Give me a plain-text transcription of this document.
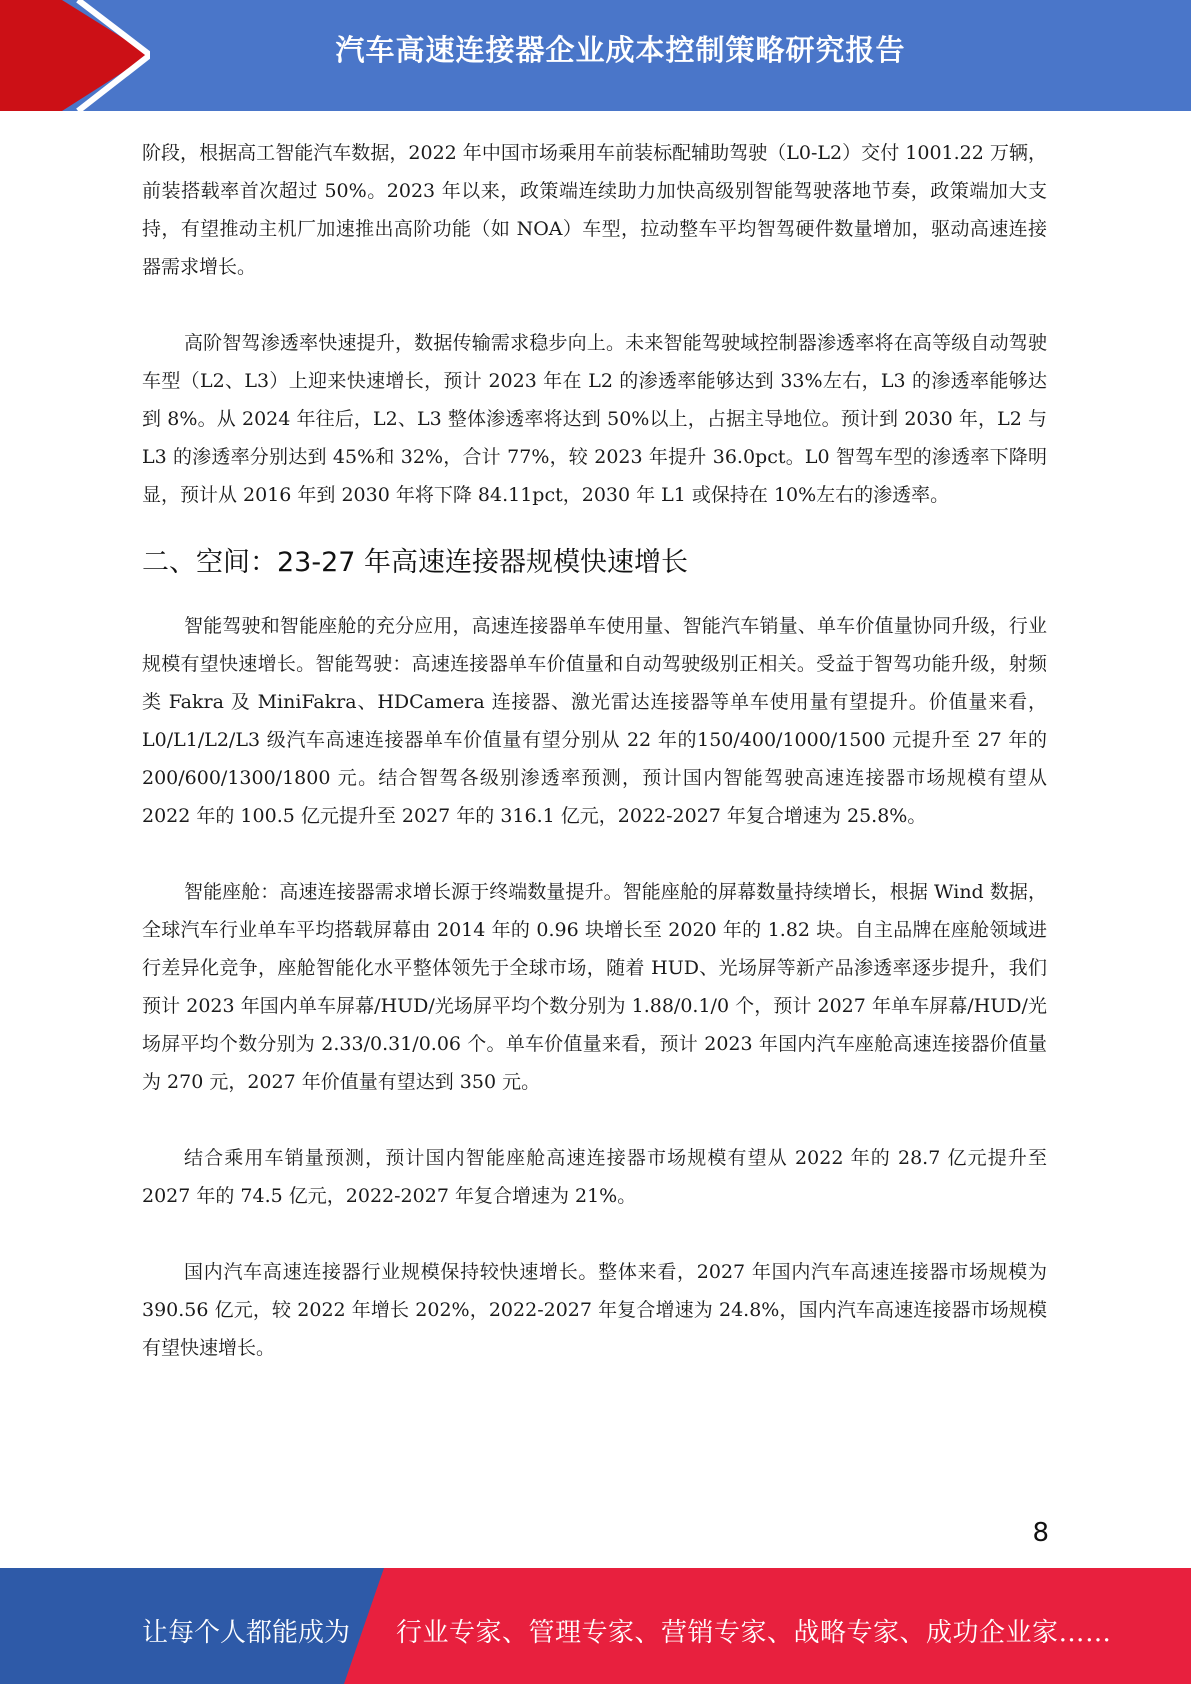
汽车高速连接器企业成本控制策略研究报告

阶段，根据高工智能汽车数据，2022 年中国市场乘用车前装标配辅助驾驶（L0-L2）交付 1001.22 万辆，前装搭载率首次超过 50%。2023 年以来，政策端连续助力加快高级别智能驾驶落地节奏，政策端加大支持，有望推动主机厂加速推出高阶功能（如 NOA）车型，拉动整车平均智驾硬件数量增加，驱动高速连接器需求增长。

高阶智驾渗透率快速提升，数据传输需求稳步向上。未来智能驾驶域控制器渗透率将在高等级自动驾驶车型（L2、L3）上迎来快速增长，预计 2023 年在 L2 的渗透率能够达到 33%左右，L3 的渗透率能够达到 8%。从 2024 年往后，L2、L3 整体渗透率将达到 50%以上，占据主导地位。预计到 2030 年，L2 与 L3 的渗透率分别达到 45%和 32%，合计 77%，较 2023 年提升 36.0pct。L0 智驾车型的渗透率下降明显，预计从 2016 年到 2030 年将下降 84.11pct，2030 年 L1 或保持在 10%左右的渗透率。

二、空间：23-27 年高速连接器规模快速增长

智能驾驶和智能座舱的充分应用，高速连接器单车使用量、智能汽车销量、单车价值量协同升级，行业规模有望快速增长。智能驾驶：高速连接器单车价值量和自动驾驶级别正相关。受益于智驾功能升级，射频类 Fakra 及 MiniFakra、HDCamera 连接器、激光雷达连接器等单车使用量有望提升。价值量来看，L0/L1/L2/L3 级汽车高速连接器单车价值量有望分别从 22 年的150/400/1000/1500 元提升至 27 年的 200/600/1300/1800 元。结合智驾各级别渗透率预测，预计国内智能驾驶高速连接器市场规模有望从 2022 年的 100.5 亿元提升至 2027 年的 316.1 亿元，2022-2027 年复合增速为 25.8%。

智能座舱：高速连接器需求增长源于终端数量提升。智能座舱的屏幕数量持续增长，根据 Wind 数据，全球汽车行业单车平均搭载屏幕由 2014 年的 0.96 块增长至 2020 年的 1.82 块。自主品牌在座舱领域进行差异化竞争，座舱智能化水平整体领先于全球市场，随着 HUD、光场屏等新产品渗透率逐步提升，我们预计 2023 年国内单车屏幕/HUD/光场屏平均个数分别为 1.88/0.1/0 个，预计 2027 年单车屏幕/HUD/光场屏平均个数分别为 2.33/0.31/0.06 个。单车价值量来看，预计 2023 年国内汽车座舱高速连接器价值量为 270 元，2027 年价值量有望达到 350 元。

结合乘用车销量预测，预计国内智能座舱高速连接器市场规模有望从 2022 年的 28.7 亿元提升至 2027 年的 74.5 亿元，2022-2027 年复合增速为 21%。

国内汽车高速连接器行业规模保持较快速增长。整体来看，2027 年国内汽车高速连接器市场规模为 390.56 亿元，较 2022 年增长 202%，2022-2027 年复合增速为 24.8%，国内汽车高速连接器市场规模有望快速增长。

8
让每个人都能成为 行业专家、管理专家、营销专家、战略专家、成功企业家……
